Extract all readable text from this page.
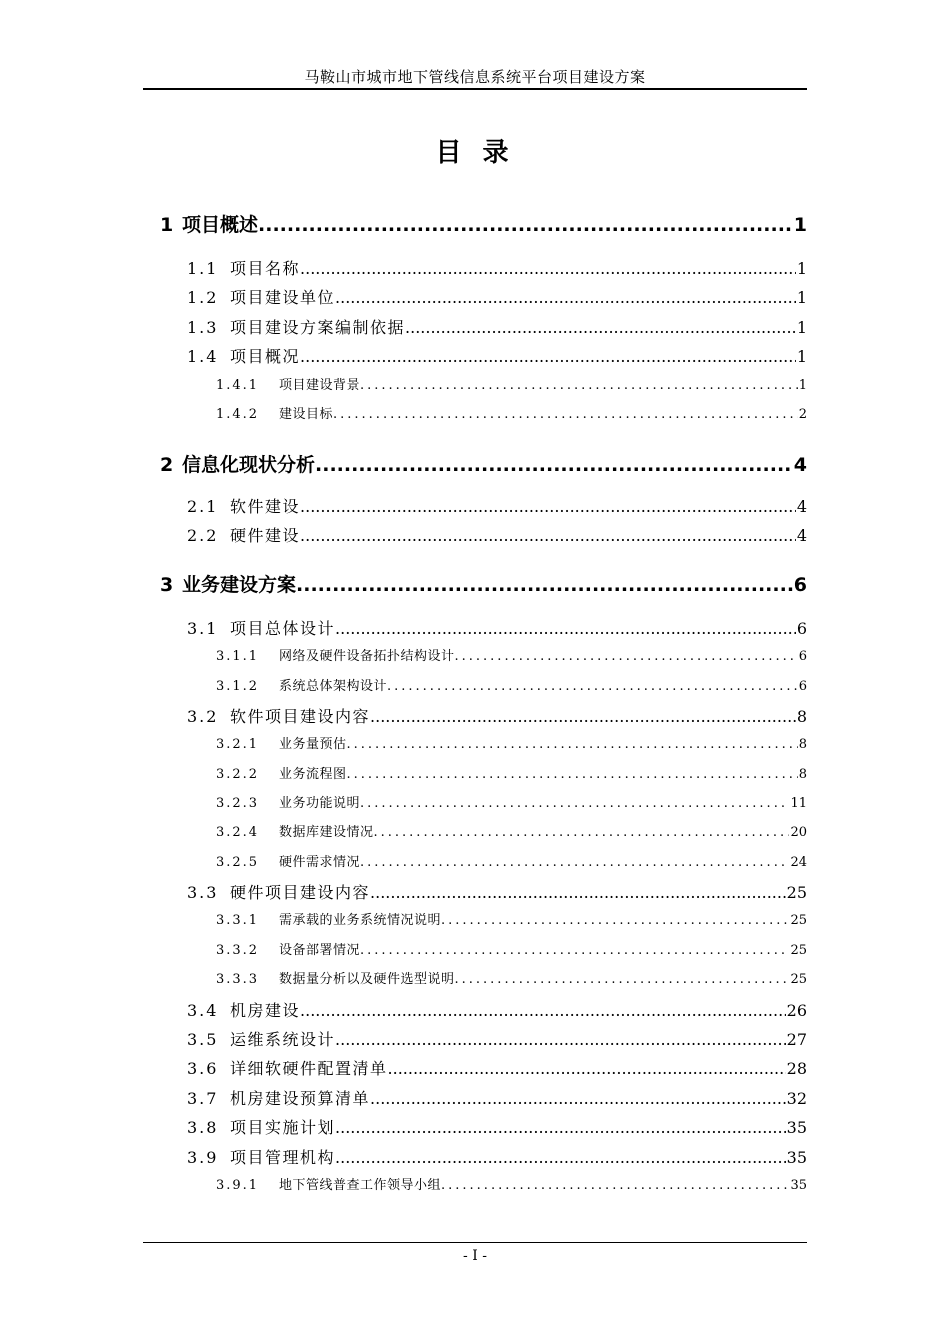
马鞍山市城市地下管线信息系统平台项目建设方案
目 录
1 项目概述 .....	1
1.1 项目名称 .....	1
1.2 项目建设单位 .....	1
1.3 项目建设方案编制依据 .....	1
1.4 项目概况 .....	1
1.4.1	项目建设背景 .....	1
1.4.2	建设目标 .....	2
2 信息化现状分析 .....	4
2.1 软件建设 .....	4
2.2 硬件建设 .....	4
3 业务建设方案 .....	6
3.1 项目总体设计 .....	6
3.1.1	网络及硬件设备拓扑结构设计 .....	6
3.1.2	系统总体架构设计 .....	6
3.2 软件项目建设内容 .....	8
3.2.1	业务量预估 .....	8
3.2.2	业务流程图 .....	8
3.2.3	业务功能说明 .....	11
3.2.4	数据库建设情况 .....	20
3.2.5	硬件需求情况 .....	24
3.3 硬件项目建设内容 .....	25
3.3.1	需承载的业务系统情况说明 .....	25
3.3.2	设备部署情况 .....	25
3.3.3	数据量分析以及硬件选型说明 .....	25
3.4 机房建设 .....	26
3.5 运维系统设计 .....	27
3.6 详细软硬件配置清单 .....	28
3.7 机房建设预算清单 .....	32
3.8 项目实施计划 .....	35
3.9 项目管理机构 .....	35
3.9.1	地下管线普查工作领导小组 .....	35
- I -
